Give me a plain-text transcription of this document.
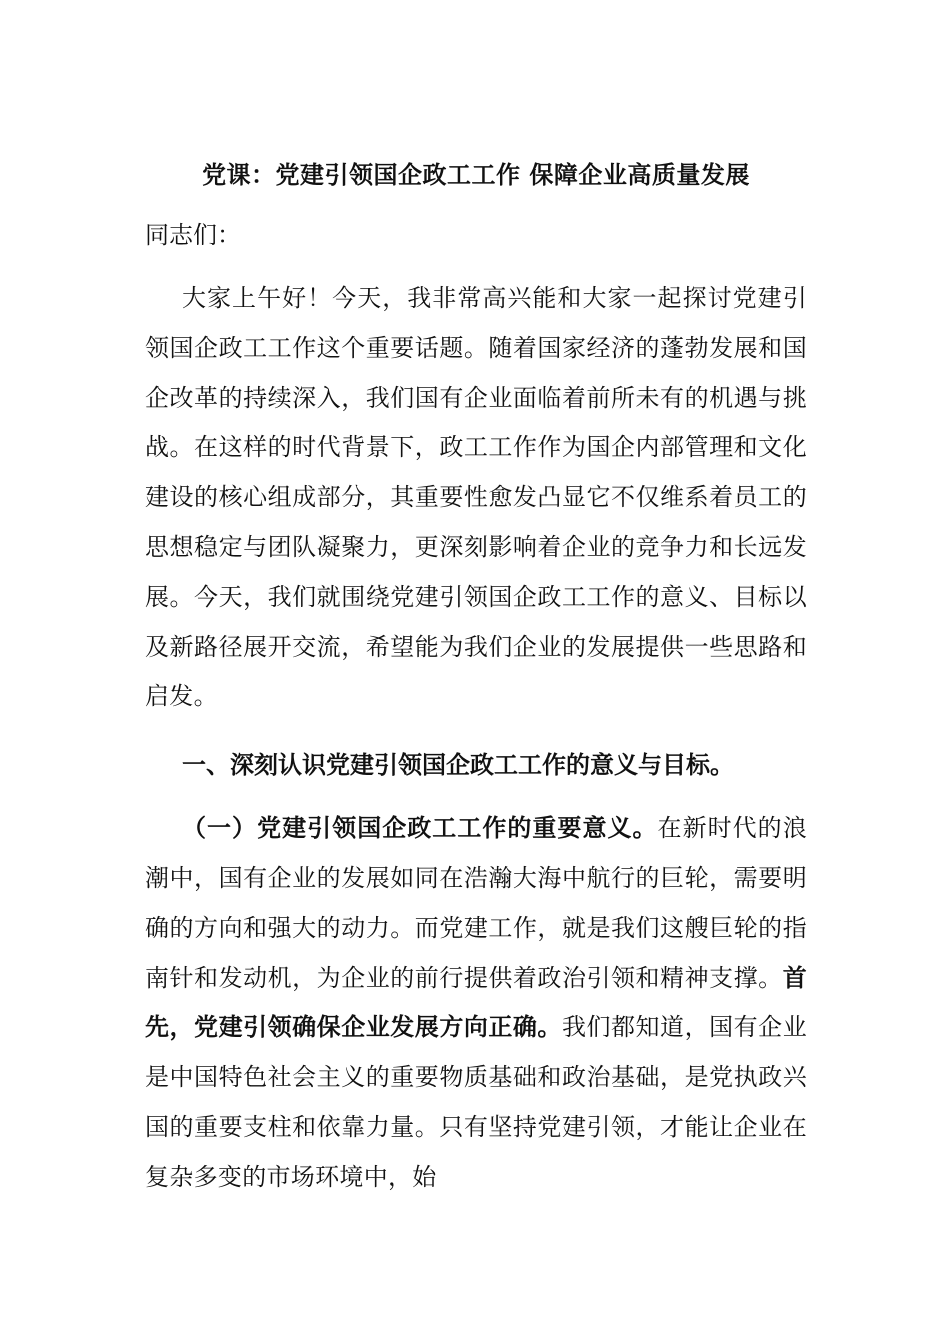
党课：党建引领国企政工工作 保障企业高质量发展

同志们：

大家上午好！今天，我非常高兴能和大家一起探讨党建引领国企政工工作这个重要话题。随着国家经济的蓬勃发展和国企改革的持续深入，我们国有企业面临着前所未有的机遇与挑战。在这样的时代背景下，政工工作作为国企内部管理和文化建设的核心组成部分，其重要性愈发凸显它不仅维系着员工的思想稳定与团队凝聚力，更深刻影响着企业的竞争力和长远发展。今天，我们就围绕党建引领国企政工工作的意义、目标以及新路径展开交流，希望能为我们企业的发展提供一些思路和启发。

一、深刻认识党建引领国企政工工作的意义与目标。

（一）党建引领国企政工工作的重要意义。在新时代的浪潮中，国有企业的发展如同在浩瀚大海中航行的巨轮，需要明确的方向和强大的动力。而党建工作，就是我们这艘巨轮的指南针和发动机，为企业的前行提供着政治引领和精神支撑。首先，党建引领确保企业发展方向正确。我们都知道，国有企业是中国特色社会主义的重要物质基础和政治基础，是党执政兴国的重要支柱和依靠力量。只有坚持党建引领，才能让企业在复杂多变的市场环境中，始
